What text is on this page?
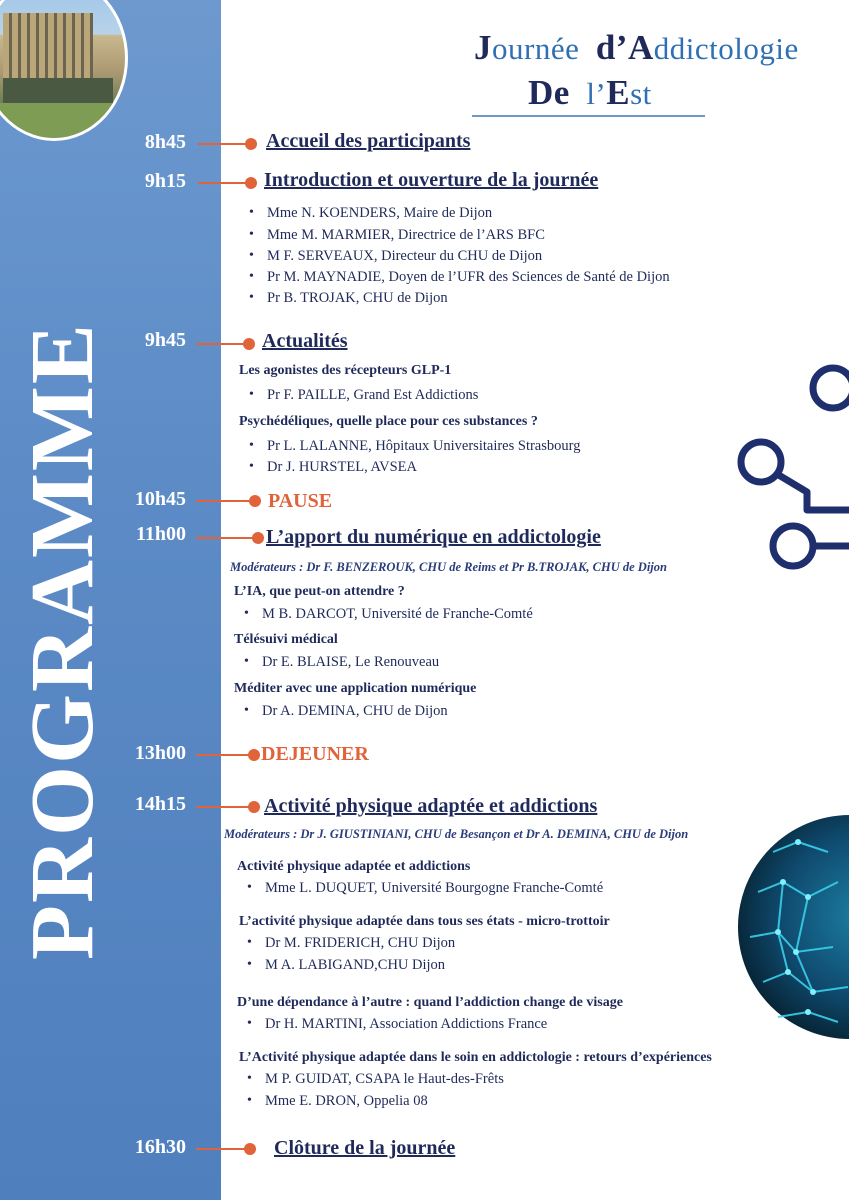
PROGRAMME
Journée d’Addictologie
De l’Est
8h45	Accueil des participants
9h15	Introduction et ouverture de la journée
• Mme N. KOENDERS, Maire de Dijon
• Mme M. MARMIER, Directrice de l’ARS BFC
• M F. SERVEAUX, Directeur du CHU de Dijon
• Pr M. MAYNADIE, Doyen de l’UFR des Sciences de Santé de Dijon
• Pr B. TROJAK, CHU de Dijon
9h45	Actualités
Les agonistes des récepteurs GLP-1
• Pr F. PAILLE, Grand Est Addictions
Psychédéliques, quelle place pour ces substances ?
• Pr L. LALANNE, Hôpitaux Universitaires Strasbourg
• Dr J. HURSTEL, AVSEA
10h45	PAUSE
11h00	L’apport du numérique en addictologie
Modérateurs : Dr F. BENZEROUK, CHU de Reims et Pr B.TROJAK, CHU de Dijon
L’IA, que peut-on attendre ?
• M B. DARCOT, Université de Franche-Comté
Télésuivi médical
• Dr E. BLAISE, Le Renouveau
Méditer avec une application numérique
• Dr A. DEMINA, CHU de Dijon
13h00	DEJEUNER
14h15	Activité physique adaptée et addictions
Modérateurs : Dr J. GIUSTINIANI, CHU de Besançon et Dr A. DEMINA, CHU de Dijon
Activité physique adaptée et addictions
• Mme L. DUQUET, Université Bourgogne Franche-Comté
L’activité physique adaptée dans tous ses états - micro-trottoir
• Dr M. FRIDERICH, CHU Dijon
• M A. LABIGAND,CHU Dijon
D’une dépendance à l’autre : quand l’addiction change de visage
• Dr H. MARTINI, Association Addictions France
L’Activité physique adaptée dans le soin en addictologie : retours d’expériences
• M P. GUIDAT, CSAPA le Haut-des-Frêts
• Mme E. DRON, Oppelia 08
16h30	Clôture de la journée
